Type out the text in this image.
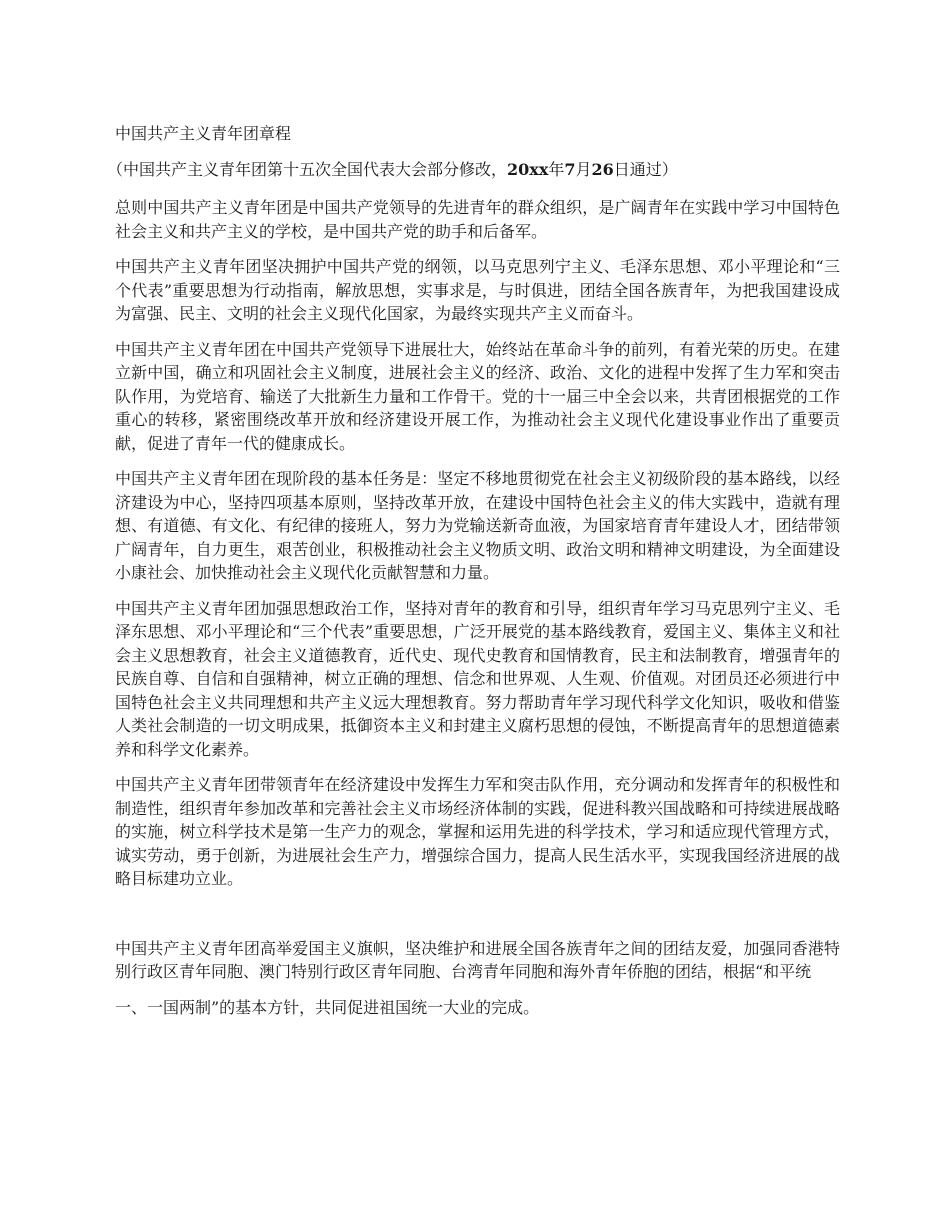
中国共产主义青年团章程
（中国共产主义青年团第十五次全国代表大会部分修改，20xx年7月26日通过）

总则中国共产主义青年团是中国共产党领导的先进青年的群众组织，是广阔青年在实践中学习中国特色社会主义和共产主义的学校，是中国共产党的助手和后备军。

中国共产主义青年团坚决拥护中国共产党的纲领，以马克思列宁主义、毛泽东思想、邓小平理论和“三个代表”重要思想为行动指南，解放思想，实事求是，与时俱进，团结全国各族青年，为把我国建设成为富强、民主、文明的社会主义现代化国家，为最终实现共产主义而奋斗。

中国共产主义青年团在中国共产党领导下进展壮大，始终站在革命斗争的前列，有着光荣的历史。在建立新中国，确立和巩固社会主义制度，进展社会主义的经济、政治、文化的进程中发挥了生力军和突击队作用，为党培育、输送了大批新生力量和工作骨干。党的十一届三中全会以来，共青团根据党的工作重心的转移，紧密围绕改革开放和经济建设开展工作，为推动社会主义现代化建设事业作出了重要贡献，促进了青年一代的健康成长。

中国共产主义青年团在现阶段的基本任务是：坚定不移地贯彻党在社会主义初级阶段的基本路线，以经济建设为中心，坚持四项基本原则，坚持改革开放，在建设中国特色社会主义的伟大实践中，造就有理想、有道德、有文化、有纪律的接班人，努力为党输送新奇血液，为国家培育青年建设人才，团结带领广阔青年，自力更生，艰苦创业，积极推动社会主义物质文明、政治文明和精神文明建设，为全面建设小康社会、加快推动社会主义现代化贡献智慧和力量。

中国共产主义青年团加强思想政治工作，坚持对青年的教育和引导，组织青年学习马克思列宁主义、毛泽东思想、邓小平理论和“三个代表”重要思想，广泛开展党的基本路线教育，爱国主义、集体主义和社会主义思想教育，社会主义道德教育，近代史、现代史教育和国情教育，民主和法制教育，增强青年的民族自尊、自信和自强精神，树立正确的理想、信念和世界观、人生观、价值观。对团员还必须进行中国特色社会主义共同理想和共产主义远大理想教育。努力帮助青年学习现代科学文化知识，吸收和借鉴人类社会制造的一切文明成果，抵御资本主义和封建主义腐朽思想的侵蚀，不断提高青年的思想道德素养和科学文化素养。

中国共产主义青年团带领青年在经济建设中发挥生力军和突击队作用，充分调动和发挥青年的积极性和制造性，组织青年参加改革和完善社会主义市场经济体制的实践，促进科教兴国战略和可持续进展战略的实施，树立科学技术是第一生产力的观念，掌握和运用先进的科学技术，学习和适应现代管理方式，诚实劳动，勇于创新，为进展社会生产力，增强综合国力，提高人民生活水平，实现我国经济进展的战略目标建功立业。

中国共产主义青年团高举爱国主义旗帜，坚决维护和进展全国各族青年之间的团结友爱，加强同香港特别行政区青年同胞、澳门特别行政区青年同胞、台湾青年同胞和海外青年侨胞的团结，根据“和平统

一、一国两制”的基本方针，共同促进祖国统一大业的完成。
